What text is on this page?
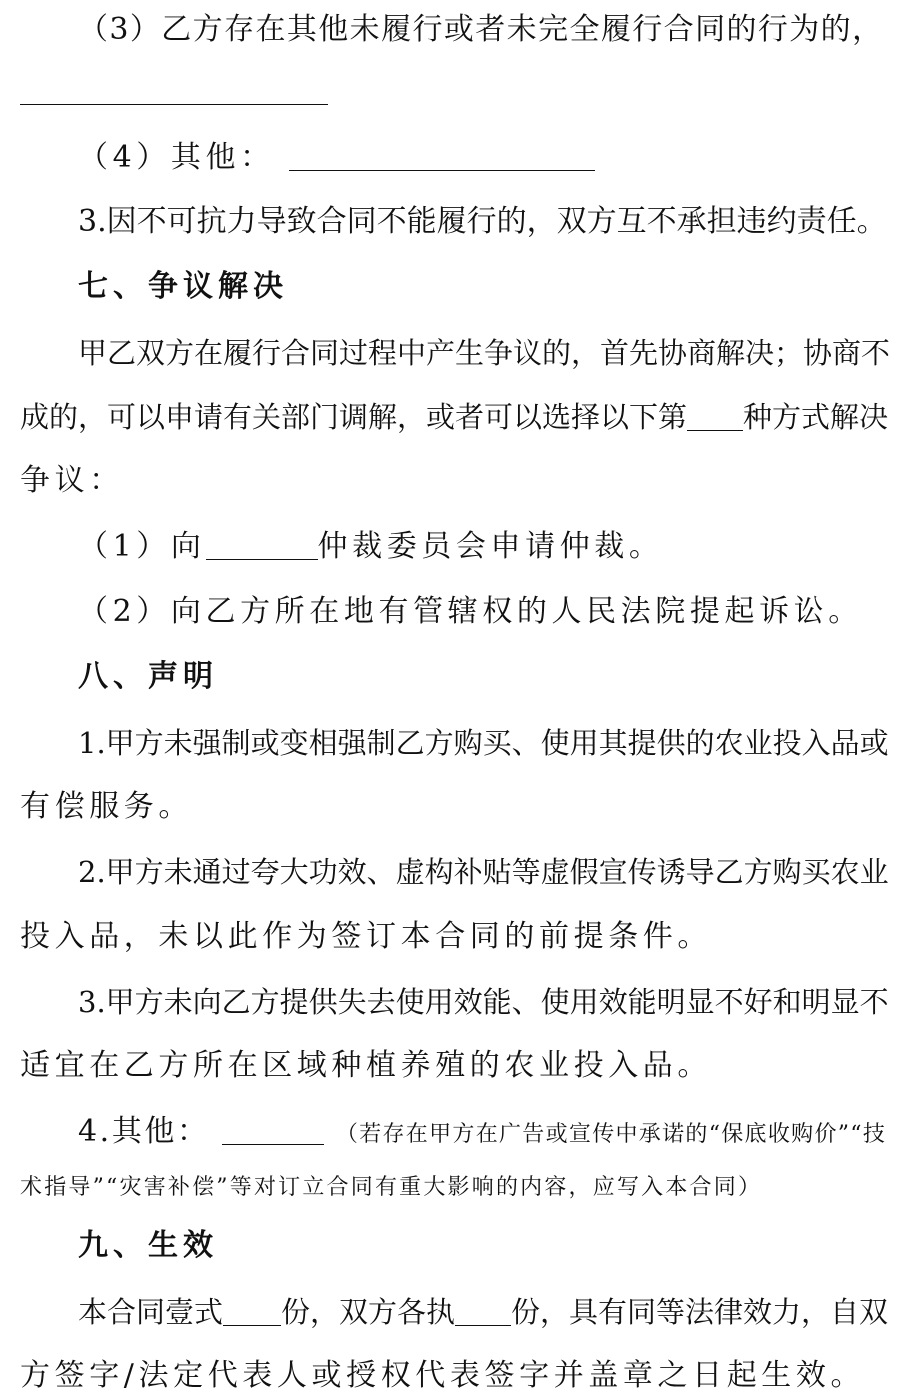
（3）乙方存在其他未履行或者未完全履行合同的行为的，
（4）其他：
3.因不可抗力导致合同不能履行的，双方互不承担违约责任。
七、争议解决
甲乙双方在履行合同过程中产生争议的，首先协商解决；协商不
成的，可以申请有关部门调解，或者可以选择以下第 种方式解决
争议：
（1）向	仲裁委员会申请仲裁。
（2）向乙方所在地有管辖权的人民法院提起诉讼。
八、声明
1.甲方未强制或变相强制乙方购买、使用其提供的农业投入品或
有偿服务。
2.甲方未通过夸大功效、虚构补贴等虚假宣传诱导乙方购买农业
投入品，未以此作为签订本合同的前提条件。
3.甲方未向乙方提供失去使用效能、使用效能明显不好和明显不
适宜在乙方所在区域种植养殖的农业投入品。
4.其他：	（若存在甲方在广告或宣传中承诺的“保底收购价”“技
术指导”“灾害补偿”等对订立合同有重大影响的内容，应写入本合同）
九、生效
本合同壹式 份，双方各执 份，具有同等法律效力，自双
方签字/法定代表人或授权代表签字并盖章之日起生效。
